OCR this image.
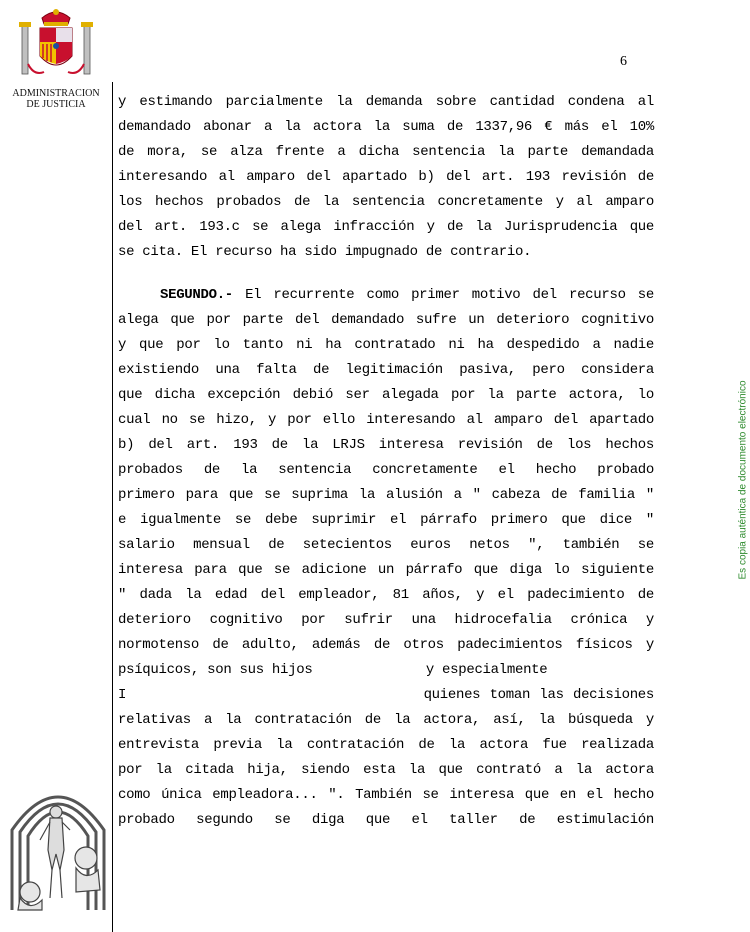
ADMINISTRACION
DE JUSTICIA
6
Es copia auténtica de documento electrónico
y estimando parcialmente la demanda sobre cantidad condena al
demandado abonar a la actora la suma de 1337,96 € más el 10%
de mora, se alza frente a dicha sentencia la parte demandada
interesando al amparo del apartado b) del art. 193 revisión de
los hechos probados de la sentencia concretamente y al amparo
del art. 193.c se alega infracción y de la Jurisprudencia que
se cita. El recurso ha sido impugnado de contrario.
SEGUNDO.- El recurrente como primer motivo del recurso se
alega que por parte del demandado sufre un deterioro cognitivo
y que por lo tanto ni ha contratado ni ha despedido a nadie
existiendo una falta de legitimación pasiva, pero considera
que dicha excepción debió ser alegada por la parte actora, lo
cual no se hizo, y por ello interesando al amparo del apartado
b) del art. 193 de la LRJS interesa revisión de los hechos
probados de la sentencia concretamente el hecho probado
primero para que se suprima la alusión a " cabeza de familia "
e igualmente se debe suprimir el párrafo primero que dice "
salario mensual de setecientos euros netos ", también se
interesa para que se adicione un párrafo que diga lo siguiente
" dada la edad del empleador, 81 años, y el padecimiento de
deterioro cognitivo por sufrir una hidrocefalia crónica y
normotenso de adulto, además de otros padecimientos físicos y
psíquicos, son sus hijos              y especialmente
I                                quienes toman las decisiones
relativas a la contratación de la actora, así, la búsqueda y
entrevista previa la contratación de la actora fue realizada
por la citada hija, siendo esta la que contrató a la actora
como única empleadora... ". También se interesa que en el hecho
probado segundo se diga que el taller de estimulación
